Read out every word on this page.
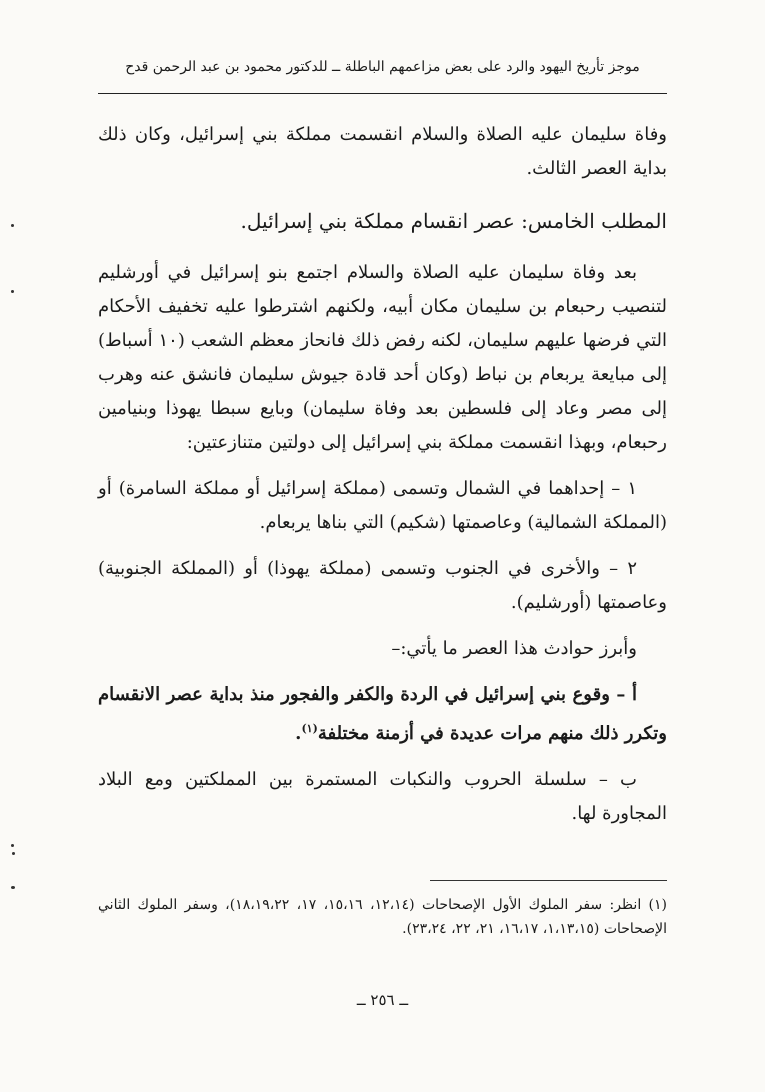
موجز تأريخ اليهود والرد على بعض مزاعمهم الباطلة ــ للدكتور محمود بن عبد الرحمن قدح

وفاة سليمان عليه الصلاة والسلام انقسمت مملكة بني إسرائيل، وكان ذلك

بداية العصر الثالث.

المطلب الخامس: عصر انقسام مملكة بني إسرائيل.

بعد وفاة سليمان عليه الصلاة والسلام اجتمع بنو إسرائيل في أورشليم لتنصيب رحبعام بن سليمان مكان أبيه، ولكنهم اشترطوا عليه تخفيف الأحكام التي فرضها عليهم سليمان، لكنه رفض ذلك فانحاز معظم الشعب (١٠ أسباط) إلى مبايعة يربعام بن نباط (وكان أحد قادة جيوش سليمان فانشق عنه وهرب إلى مصر وعاد إلى فلسطين بعد وفاة سليمان) وبايع سبطا يهوذا وبنيامين رحبعام، وبهذا انقسمت مملكة بني إسرائيل إلى دولتين متنازعتين:

١ – إحداهما في الشمال وتسمى (مملكة إسرائيل أو مملكة السامرة) أو (المملكة الشمالية) وعاصمتها (شكيم) التي بناها يربعام.

٢ – والأخرى في الجنوب وتسمى (مملكة يهوذا) أو (المملكة الجنوبية) وعاصمتها (أورشليم).

وأبرز حوادث هذا العصر ما يأتي:–

أ – وقوع بني إسرائيل في الردة والكفر والفجور منذ بداية عصر الانقسام وتكرر ذلك منهم مرات عديدة في أزمنة مختلفة$^{(١)}$.

ب – سلسلة الحروب والنكبات المستمرة بين المملكتين ومع البلاد المجاورة لها.

(١) انظر: سفر الملوك الأول الإصحاحات (١٢،١٤، ١٥،١٦، ١٧، ١٨،١٩،٢٢)، وسفر الملوك الثاني الإصحاحات (١،١٣،١٥، ١٦،١٧، ٢١، ٢٢، ٢٣،٢٤).

ــ ٢٥٦ ــ
